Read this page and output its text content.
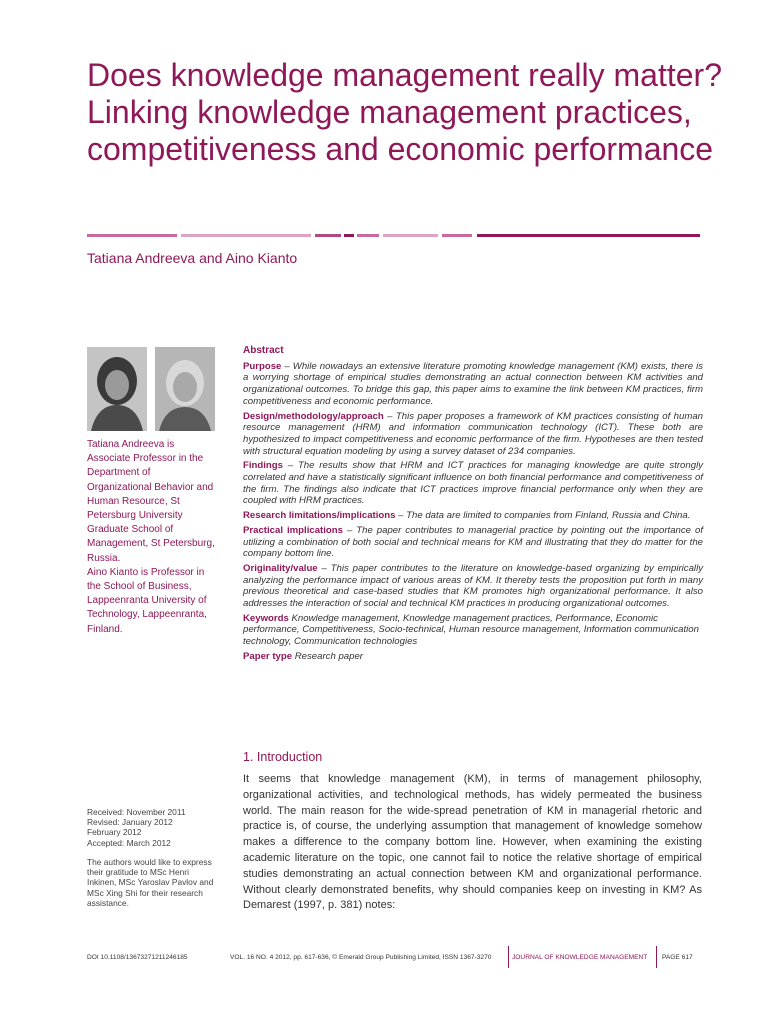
Does knowledge management really matter? Linking knowledge management practices, competitiveness and economic performance
Tatiana Andreeva and Aino Kianto

Tatiana Andreeva is Associate Professor in the Department of Organizational Behavior and Human Resource, St Petersburg University Graduate School of Management, St Petersburg, Russia.

Aino Kianto is Professor in the School of Business, Lappeenranta University of Technology, Lappeenranta, Finland.

Abstract

Purpose – While nowadays an extensive literature promoting knowledge management (KM) exists, there is a worrying shortage of empirical studies demonstrating an actual connection between KM activities and organizational outcomes. To bridge this gap, this paper aims to examine the link between KM practices, firm competitiveness and economic performance.

Design/methodology/approach – This paper proposes a framework of KM practices consisting of human resource management (HRM) and information communication technology (ICT). These both are hypothesized to impact competitiveness and economic performance of the firm. Hypotheses are then tested with structural equation modeling by using a survey dataset of 234 companies.

Findings – The results show that HRM and ICT practices for managing knowledge are quite strongly correlated and have a statistically significant influence on both financial performance and competitiveness of the firm. The findings also indicate that ICT practices improve financial performance only when they are coupled with HRM practices.

Research limitations/implications – The data are limited to companies from Finland, Russia and China.

Practical implications – The paper contributes to managerial practice by pointing out the importance of utilizing a combination of both social and technical means for KM and illustrating that they do matter for the company bottom line.

Originality/value – This paper contributes to the literature on knowledge-based organizing by empirically analyzing the performance impact of various areas of KM. It thereby tests the proposition put forth in many previous theoretical and case-based studies that KM promotes high organizational performance. It also addresses the interaction of social and technical KM practices in producing organizational outcomes.

Keywords Knowledge management, Knowledge management practices, Performance, Economic performance, Competitiveness, Socio-technical, Human resource management, Information communication technology, Communication technologies

Paper type Research paper

1. Introduction

It seems that knowledge management (KM), in terms of management philosophy, organizational activities, and technological methods, has widely permeated the business world. The main reason for the wide-spread penetration of KM in managerial rhetoric and practice is, of course, the underlying assumption that management of knowledge somehow makes a difference to the company bottom line. However, when examining the existing academic literature on the topic, one cannot fail to notice the relative shortage of empirical studies demonstrating an actual connection between KM and organizational performance. Without clearly demonstrated benefits, why should companies keep on investing in KM? As Demarest (1997, p. 381) notes:

Received: November 2011
Revised: January 2012
February 2012
Accepted: March 2012

The authors would like to express their gratitude to MSc Henri Inkinen, MSc Yaroslav Pavlov and MSc Xing Shi for their research assistance.

DOI 10.1108/13673271211246185	VOL. 16 NO. 4 2012, pp. 617-636, © Emerald Group Publishing Limited, ISSN 1367-3270	JOURNAL OF KNOWLEDGE MANAGEMENT PAGE 617
